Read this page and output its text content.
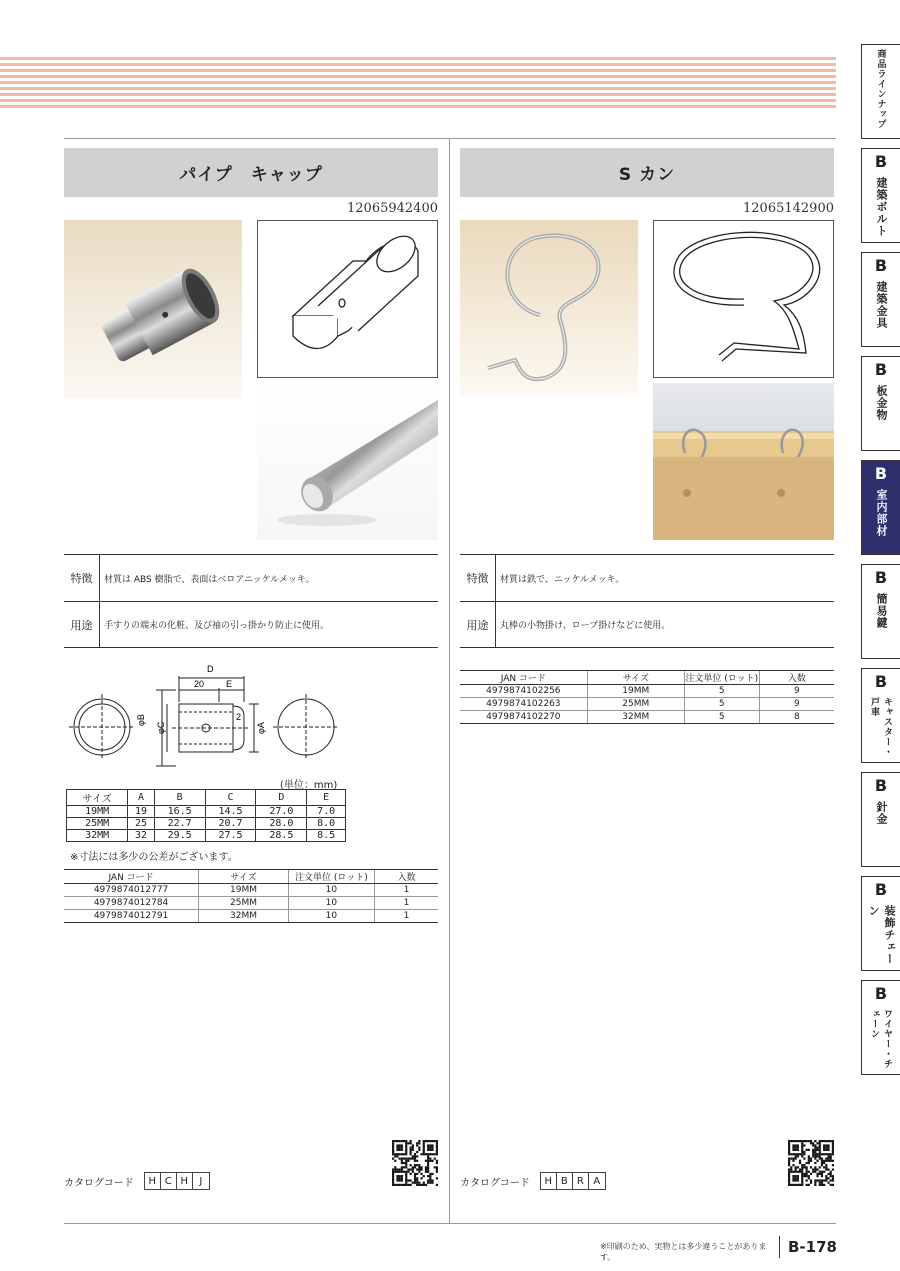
パイプ　キャップ
12065942400
特徴	材質は ABS 樹脂で、表面はベロアニッケルメッキ。
用途	手すりの端末の化粧、及び袖の引っ掛かり防止に使用。
D
20 E
2
φB
φC	φA
(単位：mm)
サイズ	A	B	C	D	E
19MM	19	16.5	14.5	27.0	7.0
25MM	25	22.7	20.7	28.0	8.0
32MM	32	29.5	27.5	28.5	8.5
※寸法には多少の公差がございます。
JAN コード	サイズ	注文単位 (ロット)	入数
4979874012777	19MM	10	1
4979874012784	25MM	10	1
4979874012791	32MM	10	1
カタログコード	H C H	J
S カン
12065142900
特徴	材質は鉄で、ニッケルメッキ。
用途	丸棒の小物掛け、ロープ掛けなどに使用。
JAN コード	サイズ	注文単位 (ロット)	入数
4979874102256	19MM	5	9
4979874102263	25MM	5	9
4979874102270	32MM	5	8
カタログコード	H B R A
商品ラインナップ
B
建築ボルト
B
建築金具
B
板金物
B
室内部材
B
簡易鍵
B
キャスター・戸車
B
針金
B
装飾チェーン
B
ワイヤー・チェーン
※印刷のため、実物とは多少違うことがあります。
B-178
